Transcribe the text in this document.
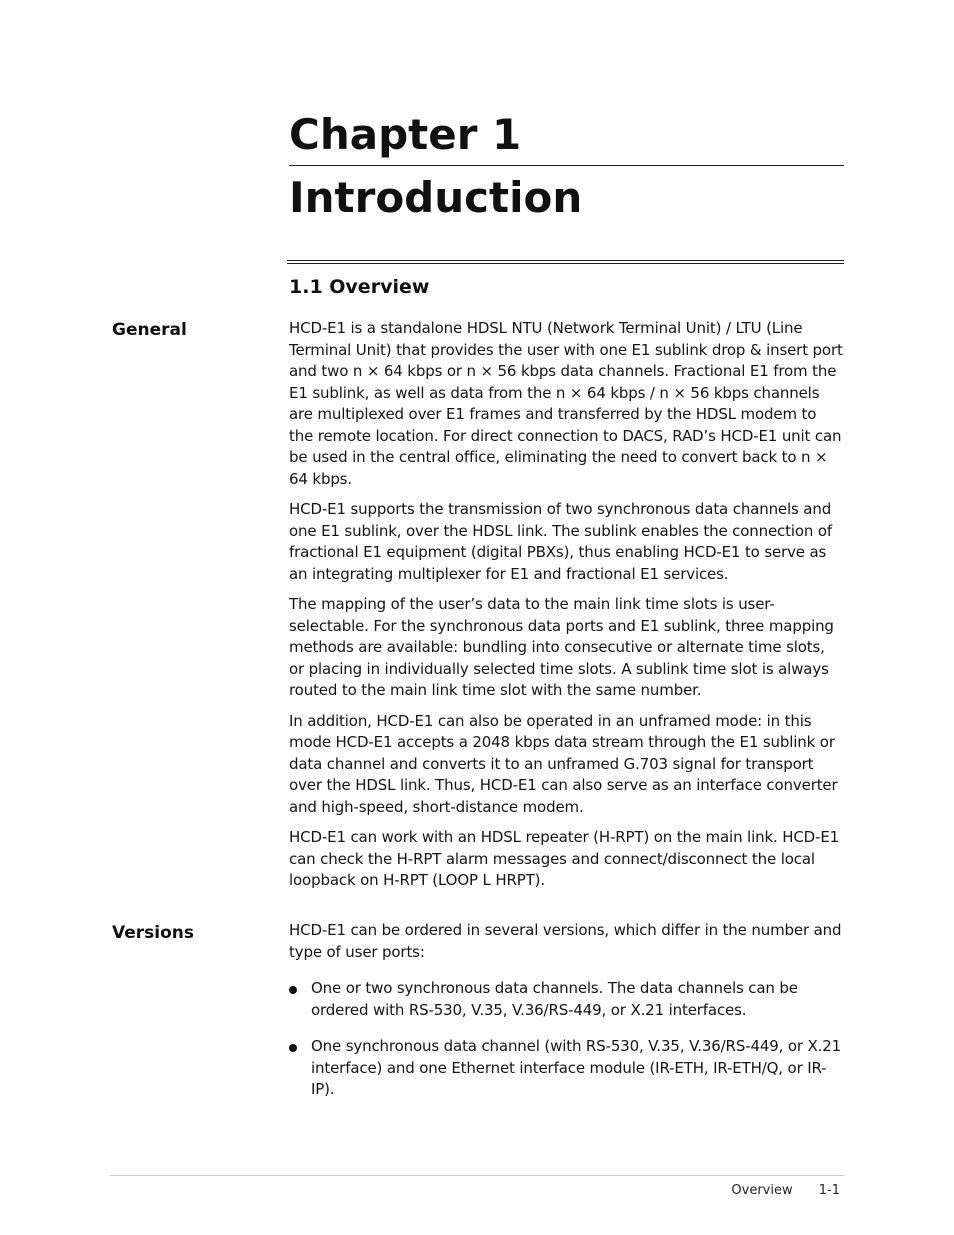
Chapter 1
Introduction
1.1 Overview
General	HCD-E1 is a standalone HDSL NTU (Network Terminal Unit) / LTU (Line Terminal Unit) that provides the user with one E1 sublink drop & insert port and two n × 64 kbps or n × 56 kbps data channels. Fractional E1 from the E1 sublink, as well as data from the n × 64 kbps / n × 56 kbps channels are multiplexed over E1 frames and transferred by the HDSL modem to the remote location. For direct connection to DACS, RAD’s HCD-E1 unit can be used in the central office, eliminating the need to convert back to n × 64 kbps.

HCD-E1 supports the transmission of two synchronous data channels and one E1 sublink, over the HDSL link. The sublink enables the connection of fractional E1 equipment (digital PBXs), thus enabling HCD-E1 to serve as an integrating multiplexer for E1 and fractional E1 services.

The mapping of the user’s data to the main link time slots is user-selectable. For the synchronous data ports and E1 sublink, three mapping methods are available: bundling into consecutive or alternate time slots, or placing in individually selected time slots. A sublink time slot is always routed to the main link time slot with the same number.

In addition, HCD-E1 can also be operated in an unframed mode: in this mode HCD-E1 accepts a 2048 kbps data stream through the E1 sublink or data channel and converts it to an unframed G.703 signal for transport over the HDSL link. Thus, HCD-E1 can also serve as an interface converter and high-speed, short-distance modem.

HCD-E1 can work with an HDSL repeater (H-RPT) on the main link. HCD-E1 can check the H-RPT alarm messages and connect/disconnect the local loopback on H-RPT (LOOP L HRPT).

Versions	HCD-E1 can be ordered in several versions, which differ in the number and type of user ports:

One or two synchronous data channels. The data channels can be ordered with RS-530, V.35, V.36/RS-449, or X.21 interfaces.
One synchronous data channel (with RS-530, V.35, V.36/RS-449, or X.21 interface) and one Ethernet interface module (IR-ETH, IR-ETH/Q, or IR-IP).
Overview 1-1
